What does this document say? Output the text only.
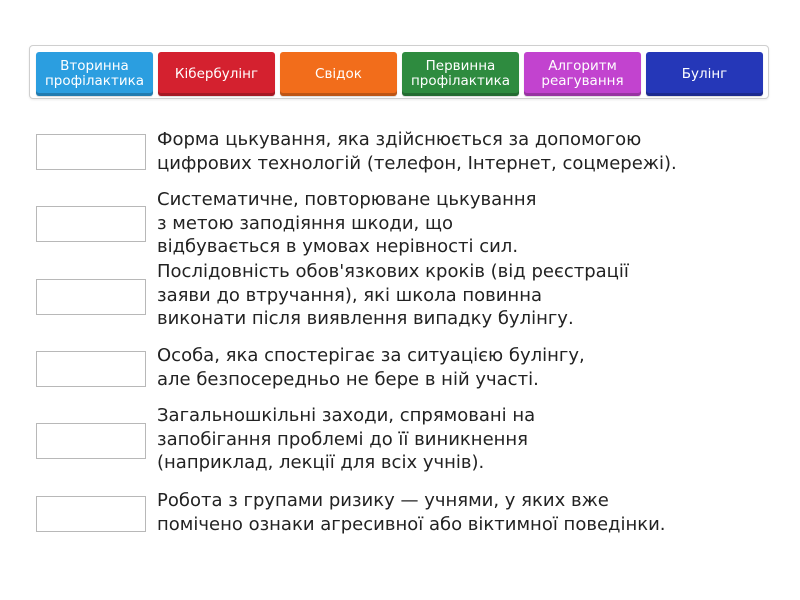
Вторинна
профілактика	Кібербулінг	Свідок	Первинна
профілактика
Алгоритм
реагування	Булінг
Форма цькування, яка здійснюється за допомогою
цифрових технологій (телефон, Інтернет, соцмережі).
Систематичне, повторюване цькування
з метою заподіяння шкоди, що
відбувається в умовах нерівності сил.
Послідовність обов'язкових кроків (від реєстрації
заяви до втручання), які школа повинна
виконати після виявлення випадку булінгу.
Особа, яка спостерігає за ситуацією булінгу,
але безпосередньо не бере в ній участі.
Загальношкільні заходи, спрямовані на
запобігання проблемі до її виникнення
(наприклад, лекції для всіх учнів).
Робота з групами ризику — учнями, у яких вже
помічено ознаки агресивної або віктимної поведінки.
